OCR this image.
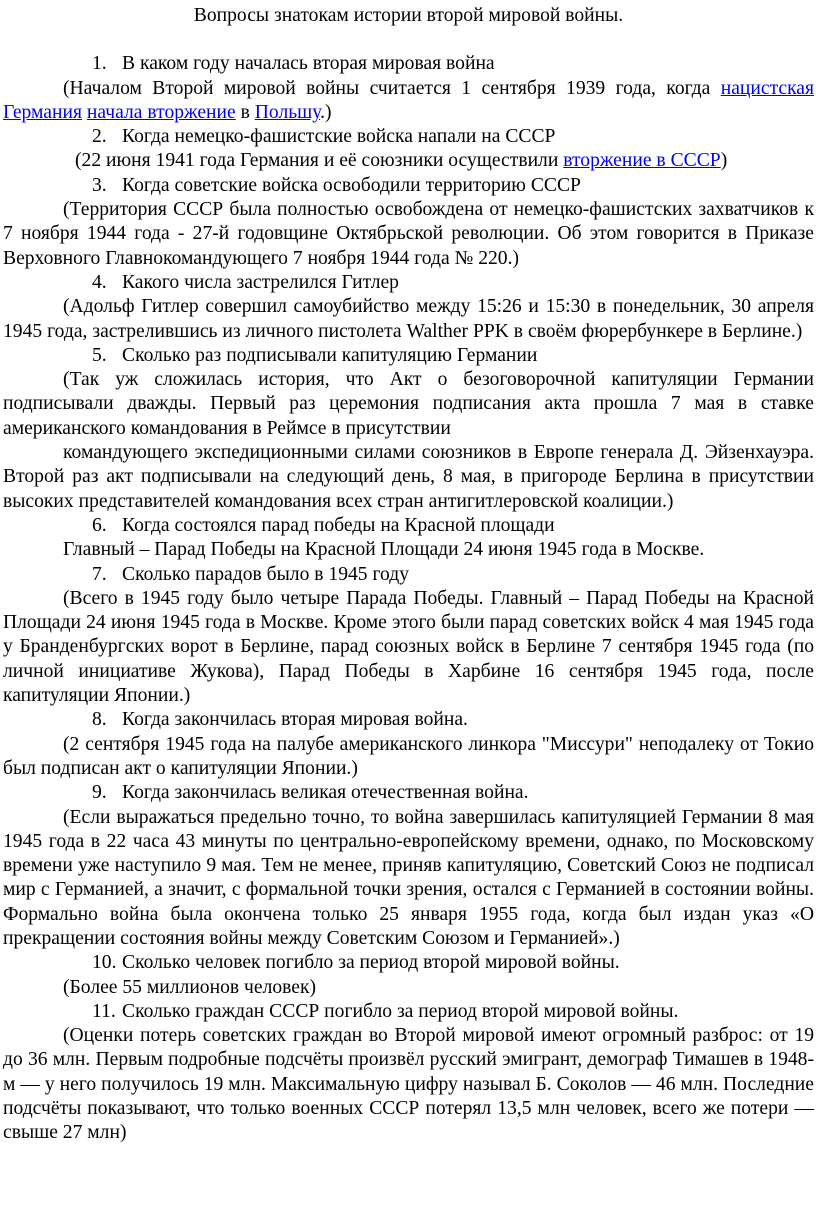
Вопросы знатокам истории второй мировой войны.

1. В каком году началась вторая мировая война

(Началом Второй мировой войны считается 1 сентября 1939 года, когда нацистская Германия начала вторжение в Польшу.)

2. Когда немецко-фашистские войска напали на СССР

(22 июня 1941 года Германия и её союзники осуществили вторжение в СССР)

3. Когда советские войска освободили территорию СССР

(Территория СССР была полностью освобождена от немецко-фашистских захватчиков к 7 ноября 1944 года - 27-й годовщине Октябрьской революции. Об этом говорится в Приказе Верховного Главнокомандующего 7 ноября 1944 года № 220.)

4. Какого числа застрелился Гитлер

(Адольф Гитлер совершил самоубийство между 15:26 и 15:30 в понедельник, 30 апреля 1945 года, застрелившись из личного пистолета Walther PPK в своём фюрербункере в Берлине.)

5. Сколько раз подписывали капитуляцию Германии

(Так уж сложилась история, что Акт о безоговорочной капитуляции Германии подписывали дважды. Первый раз церемония подписания акта прошла 7 мая в ставке американского командования в Реймсе в присутствии

командующего экспедиционными силами союзников в Европе генерала Д. Эйзенхауэра. Второй раз акт подписывали на следующий день, 8 мая, в пригороде Берлина в присутствии высоких представителей командования всех стран антигитлеровской коалиции.)

6. Когда состоялся парад победы на Красной площади

Главный – Парад Победы на Красной Площади 24 июня 1945 года в Москве.

7. Сколько парадов было в 1945 году

(Всего в 1945 году было четыре Парада Победы. Главный – Парад Победы на Красной Площади 24 июня 1945 года в Москве. Кроме этого были парад советских войск 4 мая 1945 года у Бранденбургских ворот в Берлине, парад союзных войск в Берлине 7 сентября 1945 года (по личной инициативе Жукова), Парад Победы в Харбине 16 сентября 1945 года, после капитуляции Японии.)

8. Когда закончилась вторая мировая война.

(2 сентября 1945 года на палубе американского линкора "Миссури" неподалеку от Токио был подписан акт о капитуляции Японии.)

9. Когда закончилась великая отечественная война.

(Если выражаться предельно точно, то война завершилась капитуляцией Германии 8 мая 1945 года в 22 часа 43 минуты по центрально-европейскому времени, однако, по Московскому времени уже наступило 9 мая. Тем не менее, приняв капитуляцию, Советский Союз не подписал мир с Германией, а значит, с формальной точки зрения, остался с Германией в состоянии войны. Формально война была окончена только 25 января 1955 года, когда был издан указ «О прекращении состояния войны между Советским Союзом и Германией».)

10. Сколько человек погибло за период второй мировой войны.

(Более 55 миллионов человек)

11. Сколько граждан СССР погибло за период второй мировой войны.

(Оценки потерь советских граждан во Второй мировой имеют огромный разброс: от 19 до 36 млн. Первым подробные подсчёты произвёл русский эмигрант, демограф Тимашев в 1948-м — у него получилось 19 млн. Максимальную цифру называл Б. Соколов — 46 млн. Последние подсчёты показывают, что только военных СССР потерял 13,5 млн человек, всего же потери — свыше 27 млн)
